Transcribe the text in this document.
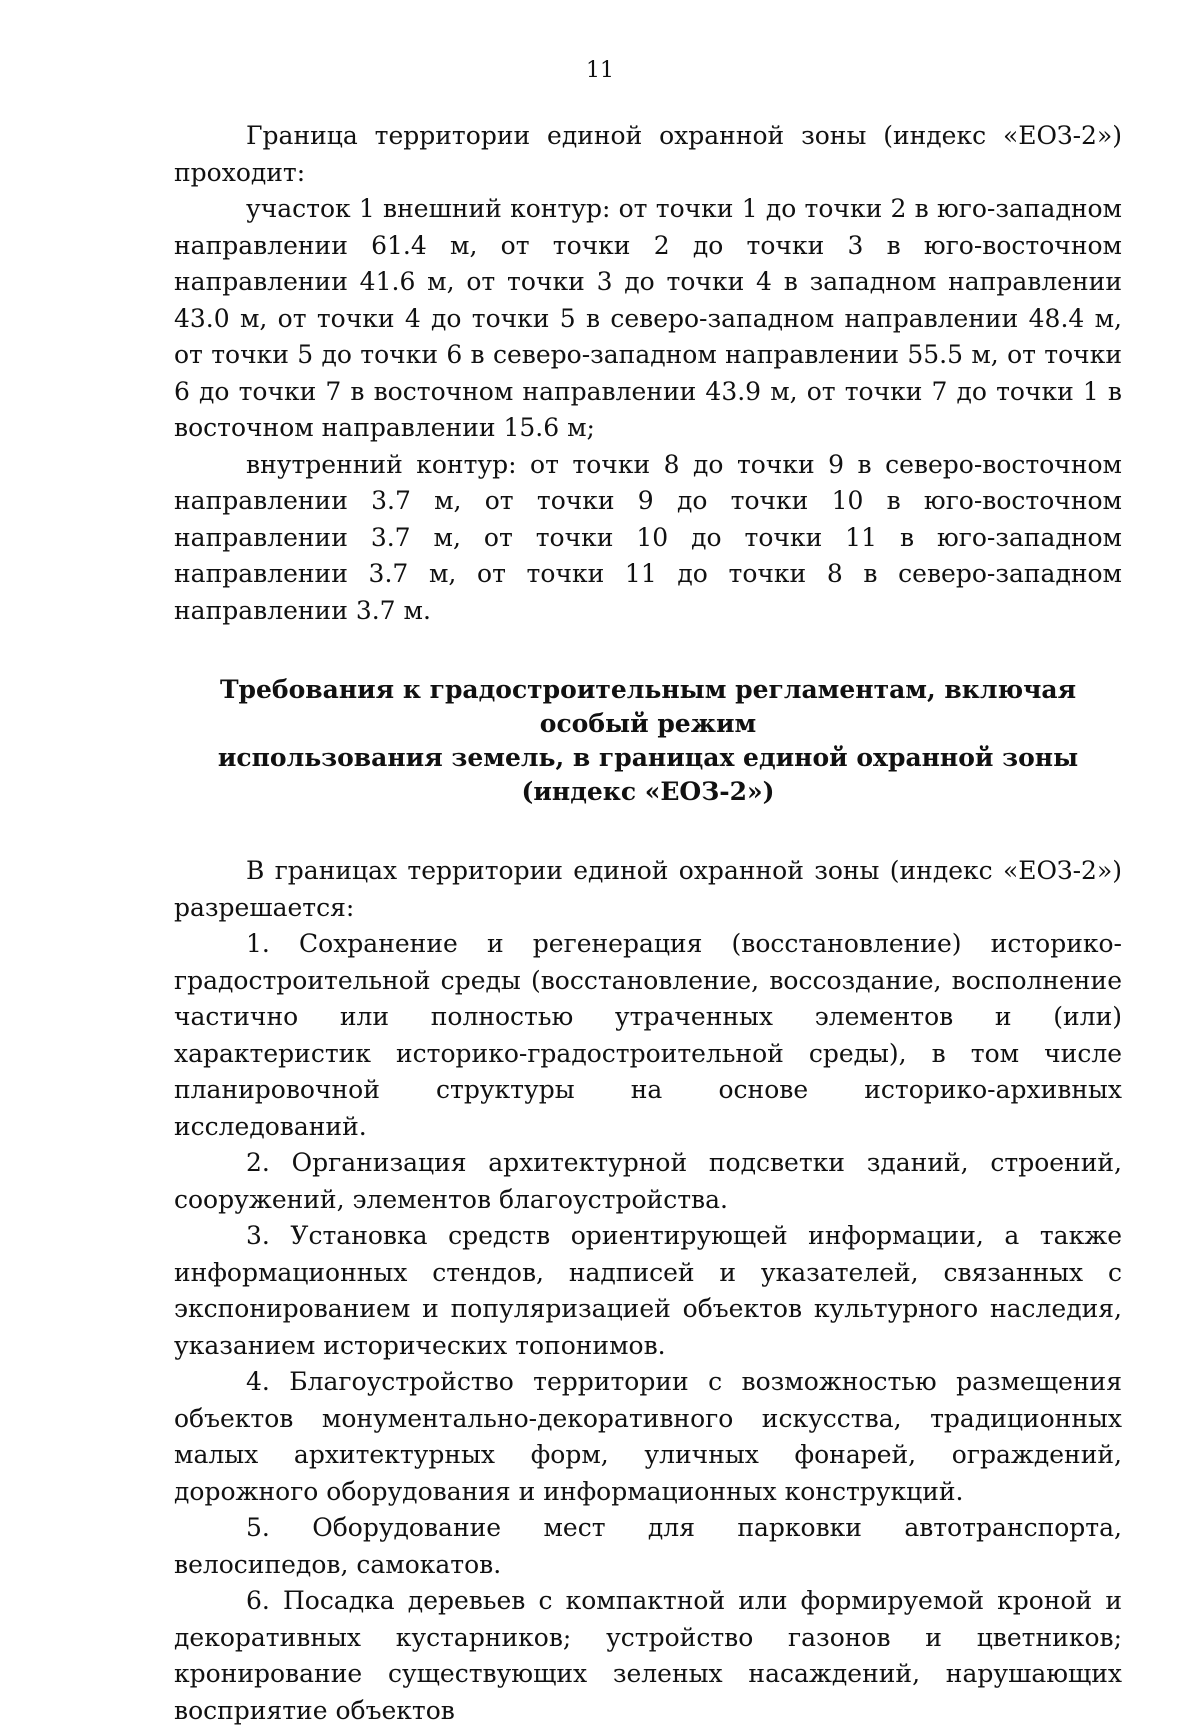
11

Граница территории единой охранной зоны (индекс «ЕОЗ-2») проходит:

участок 1 внешний контур: от точки 1 до точки 2 в юго-западном направлении 61.4 м, от точки 2 до точки 3 в юго-восточном направлении 41.6 м, от точки 3 до точки 4 в западном направлении 43.0 м, от точки 4 до точки 5 в северо-западном направлении 48.4 м, от точки 5 до точки 6 в северо-западном направлении 55.5 м, от точки 6 до точки 7 в восточном направлении 43.9 м, от точки 7 до точки 1 в восточном направлении 15.6 м;

внутренний контур: от точки 8 до точки 9 в северо-восточном направлении 3.7 м, от точки 9 до точки 10 в юго-восточном направлении 3.7 м, от точки 10 до точки 11 в юго-западном направлении 3.7 м, от точки 11 до точки 8 в северо-западном направлении 3.7 м.

Требования к градостроительным регламентам, включая особый режим
использования земель, в границах единой охранной зоны
(индекс «ЕОЗ-2»)

В границах территории единой охранной зоны (индекс «ЕОЗ-2») разрешается:

1. Сохранение и регенерация (восстановление) историко-градостроительной среды (восстановление, воссоздание, восполнение частично или полностью утраченных элементов и (или) характеристик историко-градостроительной среды), в том числе планировочной структуры на основе историко-архивных исследований.

2. Организация архитектурной подсветки зданий, строений, сооружений, элементов благоустройства.

3. Установка средств ориентирующей информации, а также информационных стендов, надписей и указателей, связанных с экспонированием и популяризацией объектов культурного наследия, указанием исторических топонимов.

4. Благоустройство территории с возможностью размещения объектов монументально-декоративного искусства, традиционных малых архитектурных форм, уличных фонарей, ограждений, дорожного оборудования и информационных конструкций.

5. Оборудование мест для парковки автотранспорта, велосипедов, самокатов.

6. Посадка деревьев с компактной или формируемой кроной и декоративных кустарников; устройство газонов и цветников; кронирование существующих зеленых насаждений, нарушающих восприятие объектов
